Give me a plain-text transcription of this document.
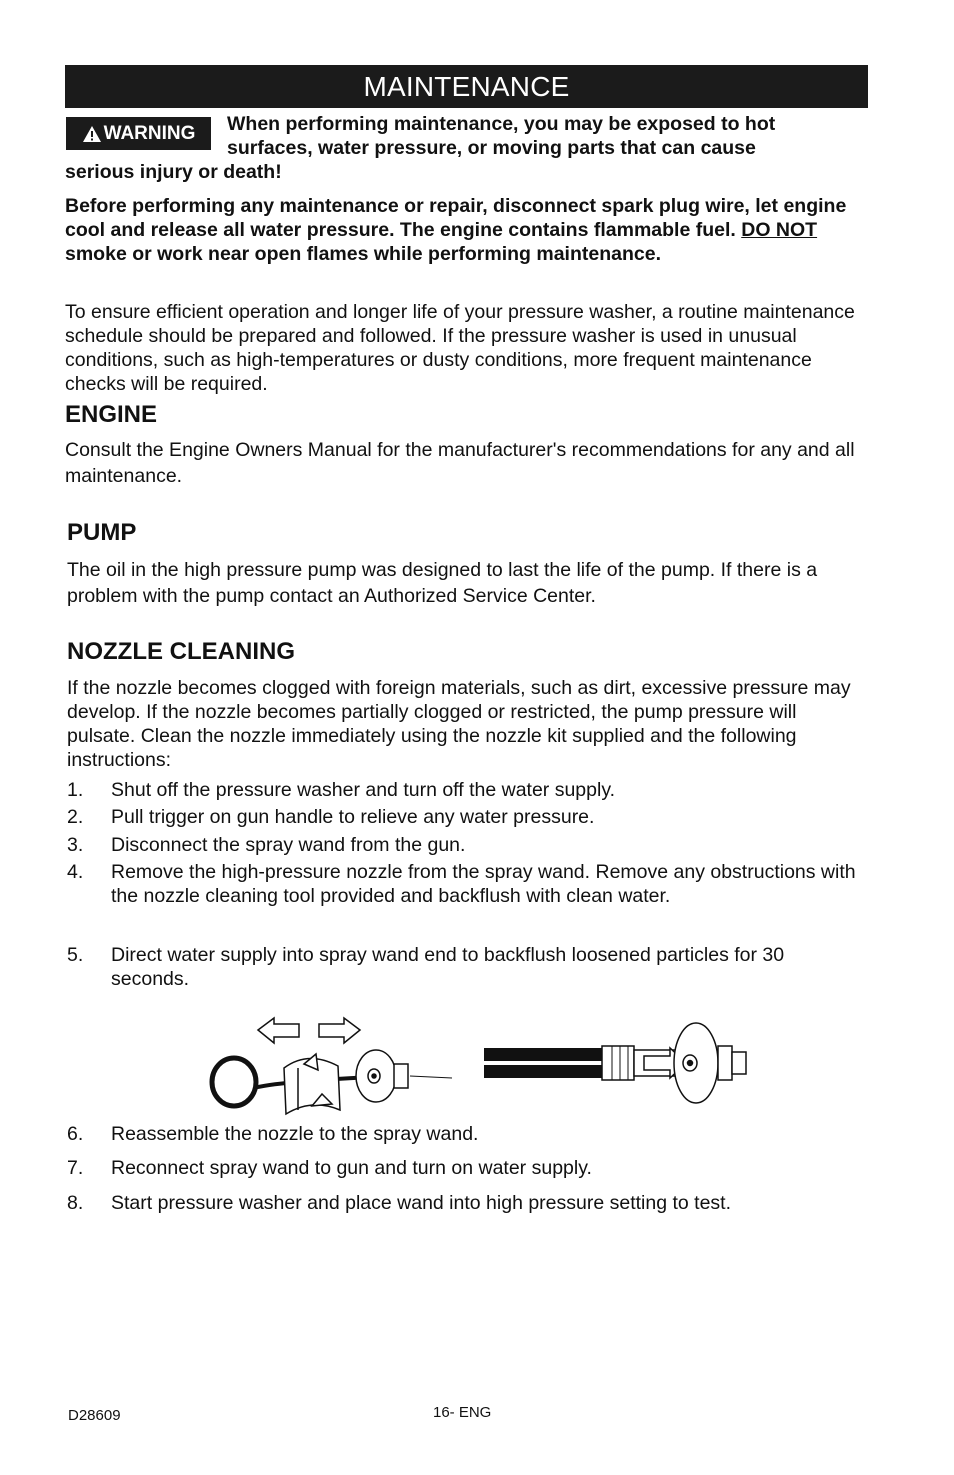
MAINTENANCE
WARNING When performing maintenance, you may be exposed to hot
surfaces, water pressure, or moving parts that can cause
serious injury or death!
Before performing any maintenance or repair, disconnect spark plug wire, let engine cool and release all water pressure. The engine contains flammable fuel. DO NOT smoke or work near open flames while performing maintenance.
To ensure efficient operation and longer life of your pressure washer, a routine maintenance schedule should be prepared and followed. If the pressure washer is used in unusual conditions, such as high-temperatures or dusty conditions, more frequent maintenance checks will be required.
ENGINE
Consult the Engine Owners Manual for the manufacturer's recommendations for any and all maintenance.
PUMP
The oil in the high pressure pump was designed to last the life of the pump. If there is a problem with the pump contact an Authorized Service Center.
NOZZLE CLEANING
If the nozzle becomes clogged with foreign materials, such as dirt, excessive pressure may develop. If the nozzle becomes partially clogged or restricted, the pump pressure will pulsate. Clean the nozzle immediately using the nozzle kit supplied and the following instructions:
1.	Shut off the pressure washer and turn off the water supply.
2.	Pull trigger on gun handle to relieve any water pressure.
3.	Disconnect the spray wand from the gun.
4.	Remove the high-pressure nozzle from the spray wand. Remove any obstructions with the nozzle cleaning tool provided and backflush with clean water.
5.	Direct water supply into spray wand end to backflush loosened particles for 30 seconds.
6.	Reassemble the nozzle to the spray wand.
7.	Reconnect spray wand to gun and turn on water supply.
8.	Start pressure washer and place wand into high pressure setting to test.
D28609	16- ENG
